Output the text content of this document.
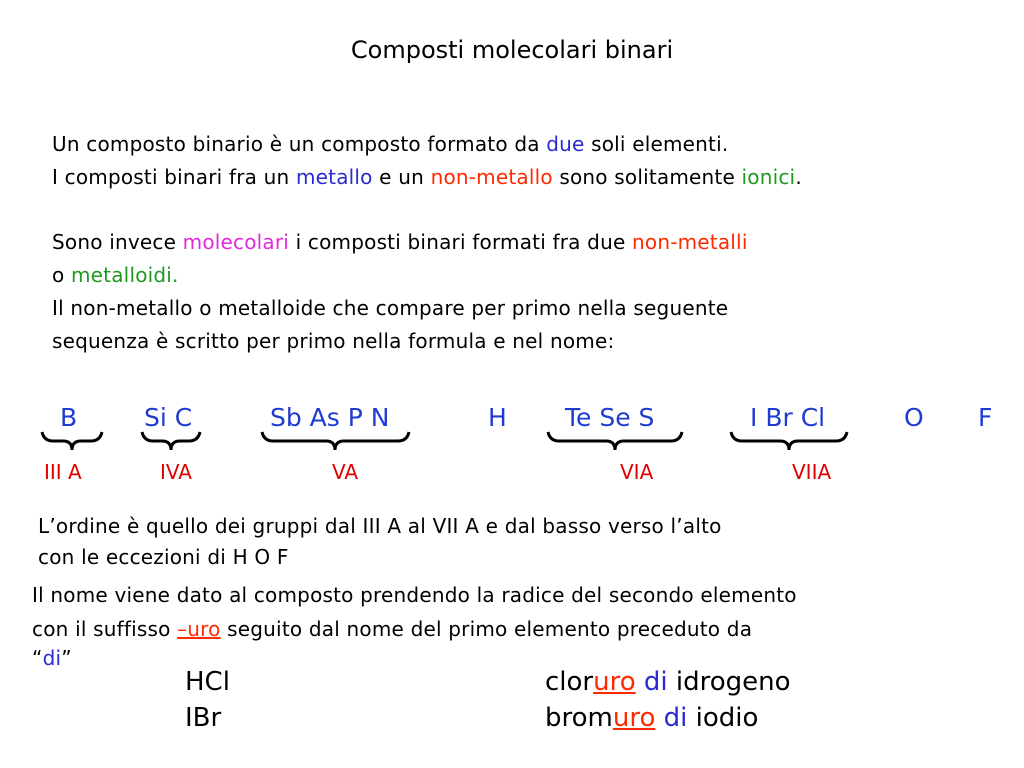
Composti molecolari binari
Un composto binario è un composto formato da due soli elementi.
I composti binari fra un metallo e un non-metallo sono solitamente ionici.
Sono invece molecolari i composti binari formati fra due non-metalli
o metalloidi.
Il non-metallo o metalloide che compare per primo nella seguente
sequenza è scritto per primo nella formula e nel nome:
B	Si C	Sb As P N	H Te Se S	I Br Cl	O F
III A	IVA	VA	VIA	VIIA
L’ordine è quello dei gruppi dal III A al VII A e dal basso verso l’alto
con le eccezioni di H O F
Il nome viene dato al composto prendendo la radice del secondo elemento
con il suffisso –uro seguito dal nome del primo elemento preceduto da
“di”
HCl	cloruro di idrogeno
IBr	bromuro di iodio
